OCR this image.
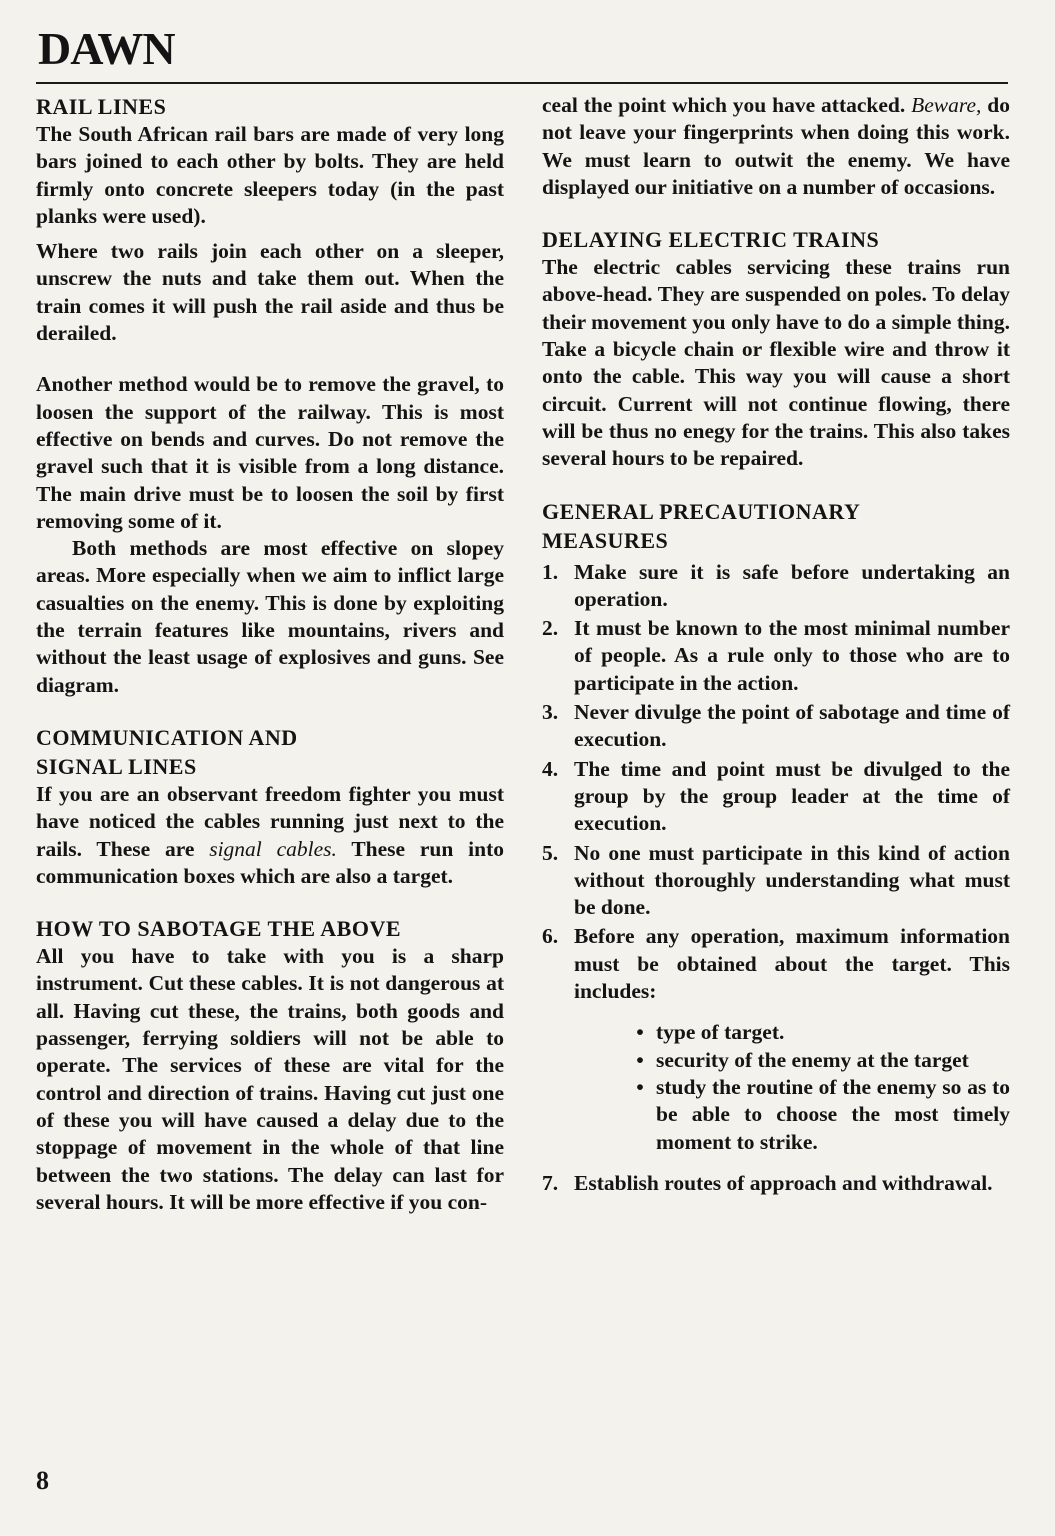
DAWN
RAIL LINES

The South African rail bars are made of very long bars joined to each other by bolts. They are held firmly onto concrete sleepers today (in the past planks were used).

Where two rails join each other on a sleeper, unscrew the nuts and take them out. When the train comes it will push the rail aside and thus be derailed.

Another method would be to remove the gravel, to loosen the support of the railway. This is most effective on bends and curves. Do not remove the gravel such that it is visible from a long distance. The main drive must be to loosen the soil by first removing some of it.

Both methods are most effective on slopey areas. More especially when we aim to inflict large casualties on the enemy. This is done by exploiting the terrain features like mountains, rivers and without the least usage of explosives and guns. See diagram.

COMMUNICATION AND
SIGNAL LINES

If you are an observant freedom fighter you must have noticed the cables running just next to the rails. These are signal cables. These run into communication boxes which are also a target.

HOW TO SABOTAGE THE ABOVE

All you have to take with you is a sharp instrument. Cut these cables. It is not dangerous at all. Having cut these, the trains, both goods and passenger, ferrying soldiers will not be able to operate. The services of these are vital for the control and direction of trains. Having cut just one of these you will have caused a delay due to the stoppage of movement in the whole of that line between the two stations. The delay can last for several hours. It will be more effective if you con-

ceal the point which you have attacked. Beware, do not leave your fingerprints when doing this work. We must learn to outwit the enemy. We have displayed our initiative on a number of occasions.

DELAYING ELECTRIC TRAINS

The electric cables servicing these trains run above-head. They are suspended on poles. To delay their movement you only have to do a simple thing. Take a bicycle chain or flexible wire and throw it onto the cable. This way you will cause a short circuit. Current will not continue flowing, there will be thus no enegy for the trains. This also takes several hours to be repaired.

GENERAL PRECAUTIONARY
MEASURES
1. Make sure it is safe before undertaking an operation.
2. It must be known to the most minimal number of people. As a rule only to those who are to participate in the action.
3. Never divulge the point of sabotage and time of execution.
4. The time and point must be divulged to the group by the group leader at the time of execution.
5. No one must participate in this kind of action without thoroughly understanding what must be done.
6. Before any operation, maximum information must be obtained about the target. This includes:
• type of target.
• security of the enemy at the target
• study the routine of the enemy so as to be able to choose the most timely moment to strike.
7. Establish routes of approach and withdrawal.
8
